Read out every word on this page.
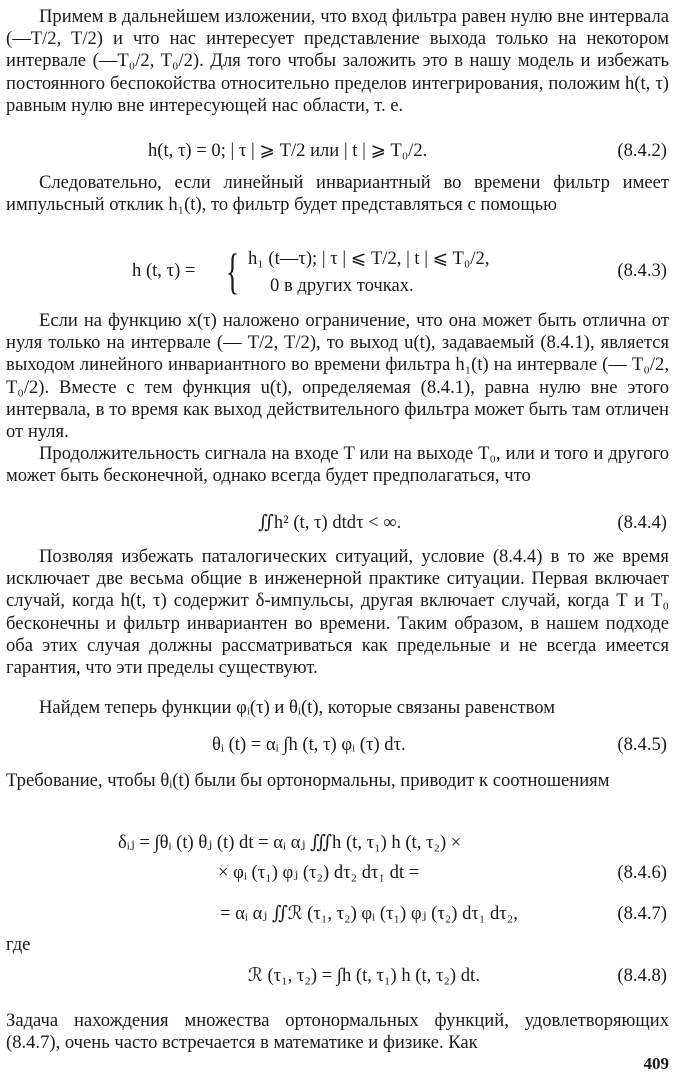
Примем в дальнейшем изложении, что вход фильтра равен нулю вне интервала (—T/2, T/2) и что нас интересует представление выхода только на некотором интервале (—T₀/2, T₀/2). Для того чтобы заложить это в нашу модель и избежать постоянного беспокойства относительно пределов интегрирования, положим h(t, τ) равным нулю вне интересующей нас области, т. е.
h(t, τ) = 0; | τ | ⩾ T/2 или | t | ⩾ T₀/2.	(8.4.2)
Следовательно, если линейный инвариантный во времени фильтр имеет импульсный отклик h₁(t), то фильтр будет представляться с помощью
h (t, τ) = { h₁ (t—τ); | τ | ⩽ T/2, | t | ⩽ T₀/2,
0 в других точках.
(8.4.3)
Если на функцию x(τ) наложено ограничение, что она может быть отлична от нуля только на интервале (— T/2, T/2), то выход u(t), задаваемый (8.4.1), является выходом линейного инвариантного во времени фильтра h₁(t) на интервале (— T₀/2, T₀/2). Вместе с тем функция u(t), определяемая (8.4.1), равна нулю вне этого интервала, в то время как выход действительного фильтра может быть там отличен от нуля.
Продолжительность сигнала на входе T или на выходе T₀, или и того и другого может быть бесконечной, однако всегда будет предполагаться, что
∬h² (t, τ) dtdτ < ∞.	(8.4.4)
Позволяя избежать паталогических ситуаций, условие (8.4.4) в то же время исключает две весьма общие в инженерной практике ситуации. Первая включает случай, когда h(t, τ) содержит δ-импульсы, другая включает случай, когда T и T₀ бесконечны и фильтр инвариантен во времени. Таким образом, в нашем подходе оба этих случая должны рассматриваться как предельные и не всегда имеется гарантия, что эти пределы существуют.
Найдем теперь функции φᵢ(τ) и θᵢ(t), которые связаны равенством
θᵢ (t) = αᵢ ∫h (t, τ) φᵢ (τ) dτ.	(8.4.5)
Требование, чтобы θᵢ(t) были бы ортонормальны, приводит к соотношениям
δᵢⱼ = ∫θᵢ (t) θⱼ (t) dt = αᵢ αⱼ ∭h (t, τ₁) h (t, τ₂) ×
× φᵢ (τ₁) φⱼ (τ₂) dτ₂ dτ₁ dt =	(8.4.6)
= αᵢ αⱼ ∬ℛ (τ₁, τ₂) φᵢ (τ₁) φⱼ (τ₂) dτ₁ dτ₂,	(8.4.7)
где
ℛ (τ₁, τ₂) = ∫h (t, τ₁) h (t, τ₂) dt.	(8.4.8)
Задача нахождения множества ортонормальных функций, удовлетворяющих (8.4.7), очень часто встречается в математике и физике. Как
409
